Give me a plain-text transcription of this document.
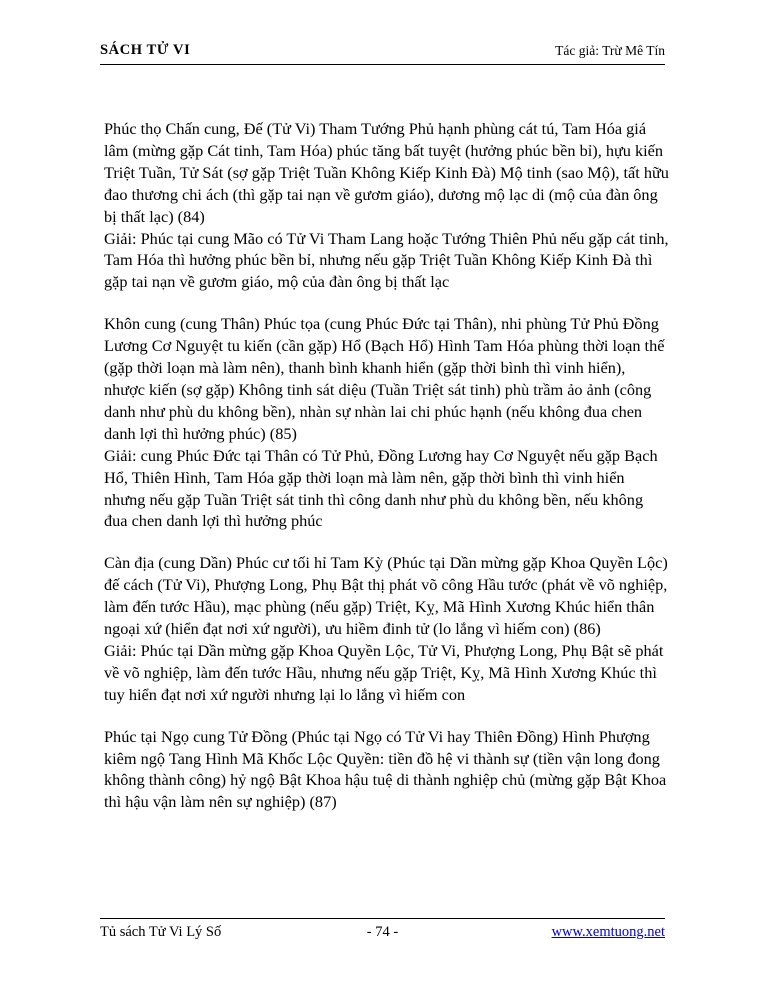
SÁCH TỬ VI	Tác giả: Trừ Mê Tín

Phúc thọ Chấn cung, Đế (Tử Vi) Tham Tướng Phủ hạnh phùng cát tú, Tam Hóa giá lâm (mừng gặp Cát tinh, Tam Hóa) phúc tăng bất tuyệt (hưởng phúc bền bỉ), hựu kiến Triệt Tuần, Tử Sát (sợ gặp Triệt Tuần Không Kiếp Kinh Đà) Mộ tinh (sao Mộ), tất hữu đao thương chi ách (thì gặp tai nạn về gươm giáo), dương mộ lạc di (mộ của đàn ông bị thất lạc) (84)

Giải: Phúc tại cung Mão có Tử Vi Tham Lang hoặc Tướng Thiên Phủ nếu gặp cát tinh, Tam Hóa thì hưởng phúc bền bỉ, nhưng nếu gặp Triệt Tuần Không Kiếp Kinh Đà thì gặp tai nạn về gươm giáo, mộ của đàn ông bị thất lạc

Khôn cung (cung Thân) Phúc tọa (cung Phúc Đức tại Thân), nhi phùng Tử Phủ Đồng Lương Cơ Nguyệt tu kiến (cần gặp) Hổ (Bạch Hổ) Hình Tam Hóa phùng thời loạn thế (gặp thời loạn mà làm nên), thanh bình khanh hiển (gặp thời bình thì vinh hiển), nhược kiến (sợ gặp) Không tinh sát diệu (Tuần Triệt sát tinh) phù trầm ảo ảnh (công danh như phù du không bền), nhàn sự nhàn lai chi phúc hạnh (nếu không đua chen danh lợi thì hưởng phúc) (85)

Giải: cung Phúc Đức tại Thân có Tử Phủ, Đồng Lương hay Cơ Nguyệt nếu gặp Bạch Hổ, Thiên Hình, Tam Hóa gặp thời loạn mà làm nên, gặp thời bình thì vinh hiển nhưng nếu gặp Tuần Triệt sát tinh thì công danh như phù du không bền, nếu không đua chen danh lợi thì hưởng phúc

Càn địa (cung Dần) Phúc cư tối hỉ Tam Kỳ (Phúc tại Dần mừng gặp Khoa Quyền Lộc) đế cách (Tử Vi), Phượng Long, Phụ Bật thị phát võ công Hầu tước (phát về võ nghiệp, làm đến tước Hầu), mạc phùng (nếu gặp) Triệt, Kỵ, Mã Hình Xương Khúc hiển thân ngoại xứ (hiển đạt nơi xứ người), ưu hiềm đinh tử (lo lắng vì hiếm con) (86)

Giải: Phúc tại Dần mừng gặp Khoa Quyền Lộc, Tử Vi, Phượng Long, Phụ Bật sẽ phát về võ nghiệp, làm đến tước Hầu, nhưng nếu gặp Triệt, Kỵ, Mã Hình Xương Khúc thì tuy hiển đạt nơi xứ người nhưng lại lo lắng vì hiếm con

Phúc tại Ngọ cung Tử Đồng (Phúc tại Ngọ có Tử Vi hay Thiên Đồng) Hình Phượng kiêm ngộ Tang Hình Mã Khốc Lộc Quyền: tiền đồ hệ vi thành sự (tiền vận long đong không thành công) hỷ ngộ Bật Khoa hậu tuệ di thành nghiệp chủ (mừng gặp Bật Khoa thì hậu vận làm nên sự nghiệp) (87)

Tủ sách Tử Vi Lý Số	- 74 -	www.xemtuong.net
